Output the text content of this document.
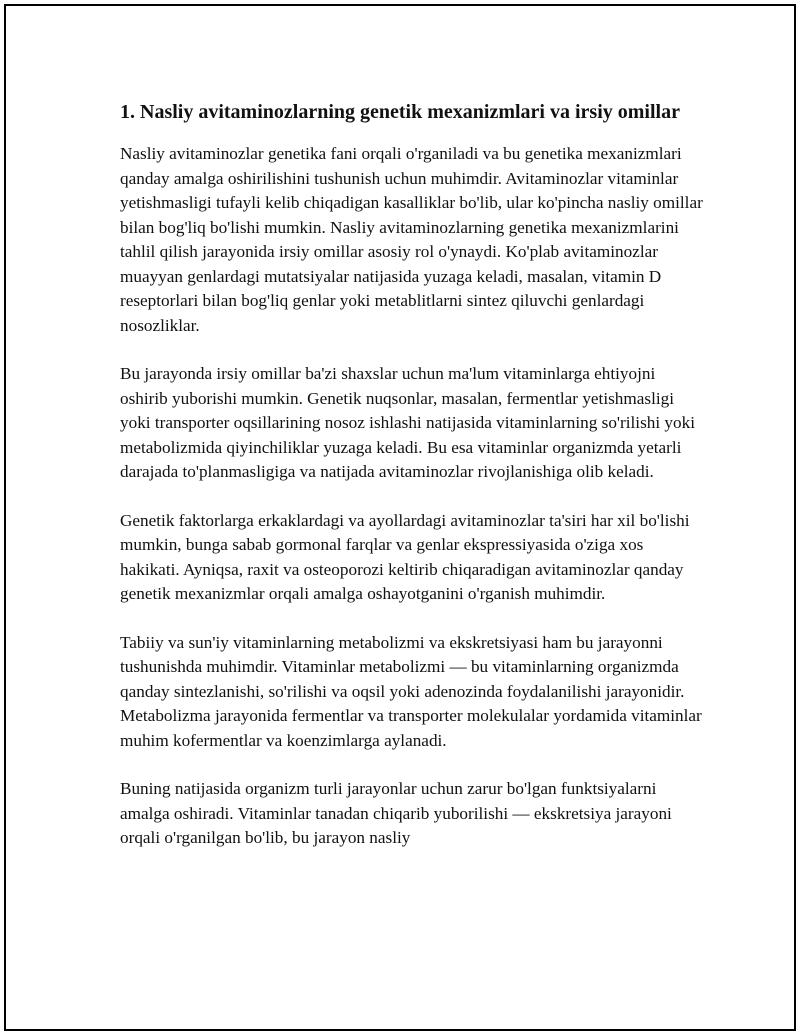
1. Nasliy avitaminozlarning genetik mexanizmlari va irsiy omillar

Nasliy avitaminozlar genetika fani orqali o'rganiladi va bu genetika mexanizmlari qanday amalga oshirilishini tushunish uchun muhimdir. Avitaminozlar vitaminlar yetishmasligi tufayli kelib chiqadigan kasalliklar bo'lib, ular ko'pincha nasliy omillar bilan bog'liq bo'lishi mumkin. Nasliy avitaminozlarning genetika mexanizmlarini tahlil qilish jarayonida irsiy omillar asosiy rol o'ynaydi. Ko'plab avitaminozlar muayyan genlardagi mutatsiyalar natijasida yuzaga keladi, masalan, vitamin D reseptorlari bilan bog'liq genlar yoki metablitlarni sintez qiluvchi genlardagi nosozliklar.

Bu jarayonda irsiy omillar ba'zi shaxslar uchun ma'lum vitaminlarga ehtiyojni oshirib yuborishi mumkin. Genetik nuqsonlar, masalan, fermentlar yetishmasligi yoki transporter oqsillarining nosoz ishlashi natijasida vitaminlarning so'rilishi yoki metabolizmida qiyinchiliklar yuzaga keladi. Bu esa vitaminlar organizmda yetarli darajada to'planmasligiga va natijada avitaminozlar rivojlanishiga olib keladi.

Genetik faktorlarga erkaklardagi va ayollardagi avitaminozlar ta'siri har xil bo'lishi mumkin, bunga sabab gormonal farqlar va genlar ekspressiyasida o'ziga xos hakikati. Ayniqsa, raxit va osteoporozi keltirib chiqaradigan avitaminozlar qanday genetik mexanizmlar orqali amalga oshayotganini o'rganish muhimdir.

Tabiiy va sun'iy vitaminlarning metabolizmi va ekskretsiyasi ham bu jarayonni tushunishda muhimdir. Vitaminlar metabolizmi — bu vitaminlarning organizmda qanday sintezlanishi, so'rilishi va oqsil yoki adenozinda foydalanilishi jarayonidir. Metabolizma jarayonida fermentlar va transporter molekulalar yordamida vitaminlar muhim kofermentlar va koenzimlarga aylanadi.

Buning natijasida organizm turli jarayonlar uchun zarur bo'lgan funktsiyalarni amalga oshiradi. Vitaminlar tanadan chiqarib yuborilishi — ekskretsiya jarayoni orqali o'rganilgan bo'lib, bu jarayon nasliy
